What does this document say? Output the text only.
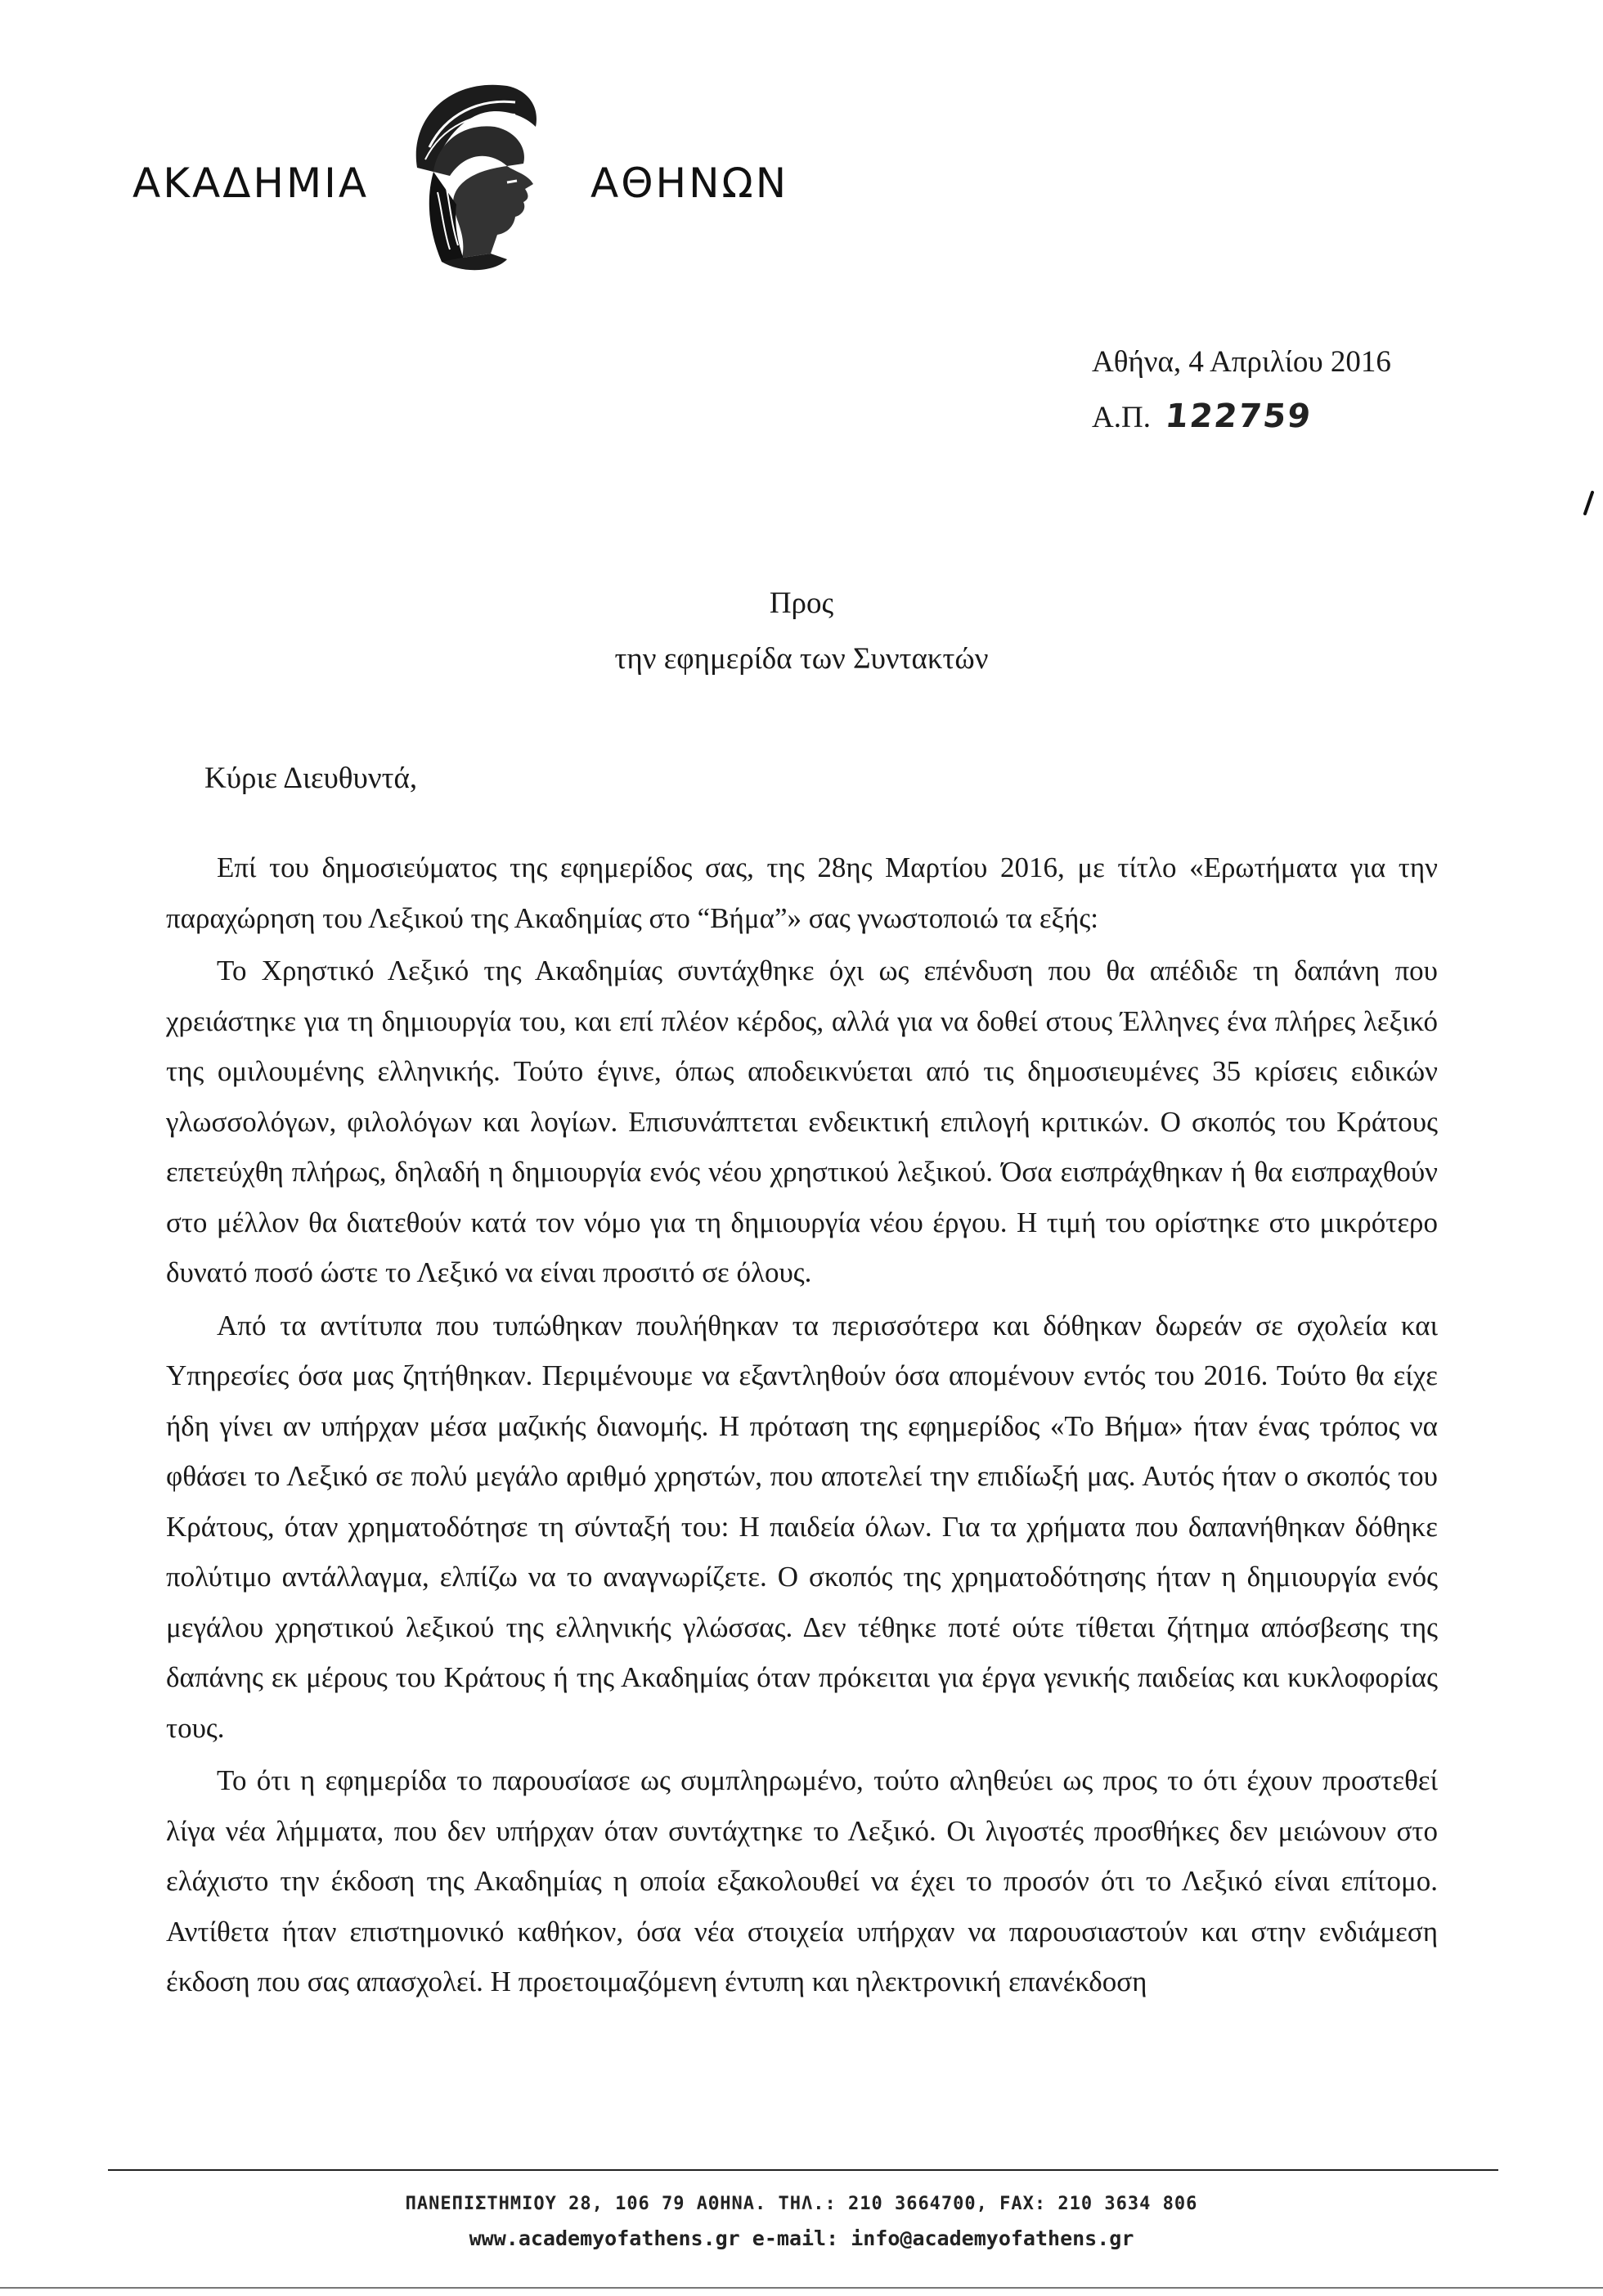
ΑΚΑΔΗΜΙΑ	ΑΘΗΝΩΝ
Αθήνα, 4 Απριλίου 2016
Α.Π. 122759
Προς
την εφημερίδα των Συντακτών
Κύριε Διευθυντά,

Επί του δημοσιεύματος της εφημερίδος σας, της 28ης Μαρτίου 2016, με τίτλο «Ερωτήματα για την παραχώρηση του Λεξικού της Ακαδημίας στο “Βήμα”» σας γνωστοποιώ τα εξής:

Το Χρηστικό Λεξικό της Ακαδημίας συντάχθηκε όχι ως επένδυση που θα απέδιδε τη δαπάνη που χρειάστηκε για τη δημιουργία του, και επί πλέον κέρδος, αλλά για να δοθεί στους Έλληνες ένα πλήρες λεξικό της ομιλουμένης ελληνικής. Τούτο έγινε, όπως αποδεικνύεται από τις δημοσιευμένες 35 κρίσεις ειδικών γλωσσολόγων, φιλολόγων και λογίων. Επισυνάπτεται ενδεικτική επιλογή κριτικών. Ο σκοπός του Κράτους επετεύχθη πλήρως, δηλαδή η δημιουργία ενός νέου χρηστικού λεξικού. Όσα εισπράχθηκαν ή θα εισπραχθούν στο μέλλον θα διατεθούν κατά τον νόμο για τη δημιουργία νέου έργου. Η τιμή του ορίστηκε στο μικρότερο δυνατό ποσό ώστε το Λεξικό να είναι προσιτό σε όλους.

Από τα αντίτυπα που τυπώθηκαν πουλήθηκαν τα περισσότερα και δόθηκαν δωρεάν σε σχολεία και Υπηρεσίες όσα μας ζητήθηκαν. Περιμένουμε να εξαντληθούν όσα απομένουν εντός του 2016. Τούτο θα είχε ήδη γίνει αν υπήρχαν μέσα μαζικής διανομής. Η πρόταση της εφημερίδος «Το Βήμα» ήταν ένας τρόπος να φθάσει το Λεξικό σε πολύ μεγάλο αριθμό χρηστών, που αποτελεί την επιδίωξή μας. Αυτός ήταν ο σκοπός του Κράτους, όταν χρηματοδότησε τη σύνταξή του: Η παιδεία όλων. Για τα χρήματα που δαπανήθηκαν δόθηκε πολύτιμο αντάλλαγμα, ελπίζω να το αναγνωρίζετε. Ο σκοπός της χρηματοδότησης ήταν η δημιουργία ενός μεγάλου χρηστικού λεξικού της ελληνικής γλώσσας. Δεν τέθηκε ποτέ ούτε τίθεται ζήτημα απόσβεσης της δαπάνης εκ μέρους του Κράτους ή της Ακαδημίας όταν πρόκειται για έργα γενικής παιδείας και κυκλοφορίας τους.

Το ότι η εφημερίδα το παρουσίασε ως συμπληρωμένο, τούτο αληθεύει ως προς το ότι έχουν προστεθεί λίγα νέα λήμματα, που δεν υπήρχαν όταν συντάχτηκε το Λεξικό. Οι λιγοστές προσθήκες δεν μειώνουν στο ελάχιστο την έκδοση της Ακαδημίας η οποία εξακολουθεί να έχει το προσόν ότι το Λεξικό είναι επίτομο. Αντίθετα ήταν επιστημονικό καθήκον, όσα νέα στοιχεία υπήρχαν να παρουσιαστούν και στην ενδιάμεση έκδοση που σας απασχολεί. Η προετοιμαζόμενη έντυπη και ηλεκτρονική επανέκδοση

ΠΑΝΕΠΙΣΤΗΜΙΟΥ 28, 106 79 ΑΘΗΝΑ. ΤΗΛ.: 210 3664700, FAX: 210 3634 806
www.academyofathens.gr e-mail: info@academyofathens.gr
